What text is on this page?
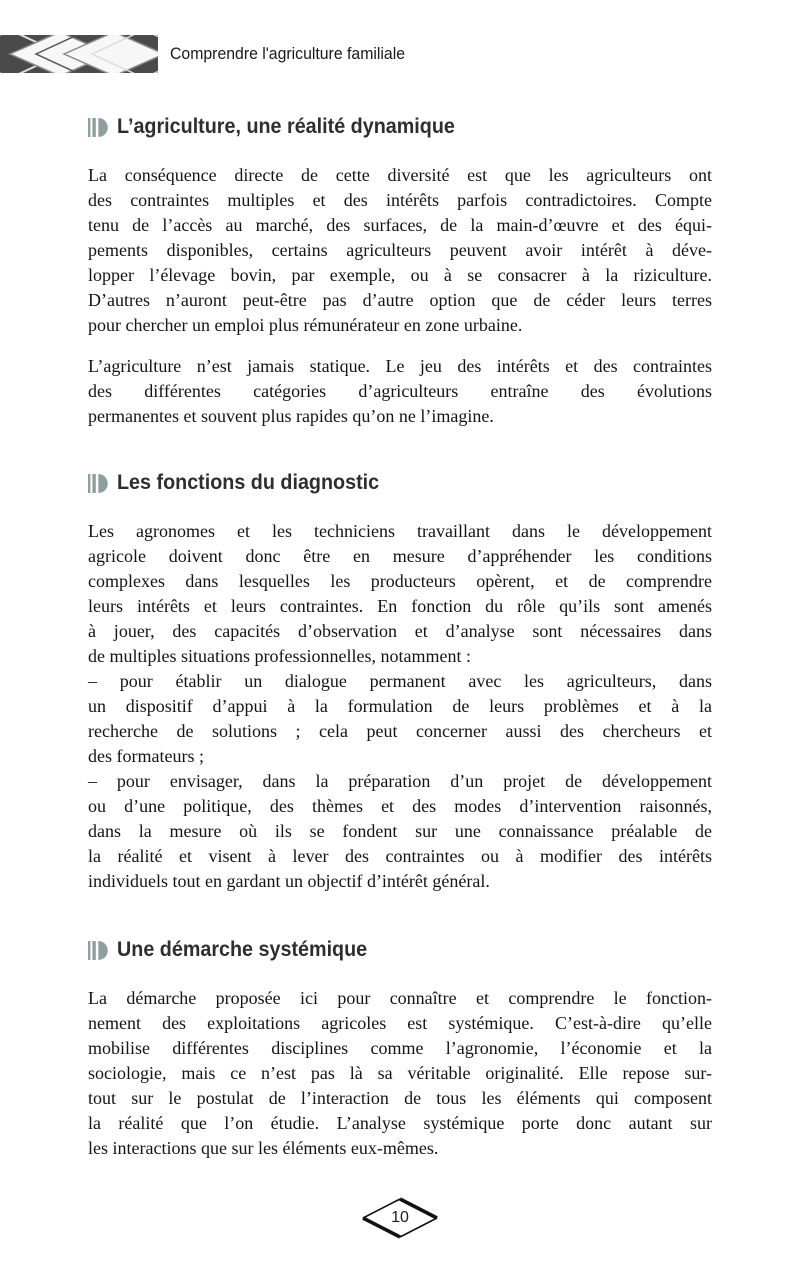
Comprendre l'agriculture familiale
L’agriculture, une réalité dynamique
La conséquence directe de cette diversité est que les agriculteurs ont
des contraintes multiples et des intérêts parfois contradictoires. Compte
tenu de l’accès au marché, des surfaces, de la main-d’œuvre et des équi-
pements disponibles, certains agriculteurs peuvent avoir intérêt à déve-
lopper l’élevage bovin, par exemple, ou à se consacrer à la riziculture.
D’autres n’auront peut-être pas d’autre option que de céder leurs terres
pour chercher un emploi plus rémunérateur en zone urbaine.
L’agriculture n’est jamais statique. Le jeu des intérêts et des contraintes
des différentes catégories d’agriculteurs entraîne des évolutions
permanentes et souvent plus rapides qu’on ne l’imagine.
Les fonctions du diagnostic
Les agronomes et les techniciens travaillant dans le développement
agricole doivent donc être en mesure d’appréhender les conditions
complexes dans lesquelles les producteurs opèrent, et de comprendre
leurs intérêts et leurs contraintes. En fonction du rôle qu’ils sont amenés
à jouer, des capacités d’observation et d’analyse sont nécessaires dans
de multiples situations professionnelles, notamment :
– pour établir un dialogue permanent avec les agriculteurs, dans
un dispositif d’appui à la formulation de leurs problèmes et à la
recherche de solutions ; cela peut concerner aussi des chercheurs et
des formateurs ;
– pour envisager, dans la préparation d’un projet de développement
ou d’une politique, des thèmes et des modes d’intervention raisonnés,
dans la mesure où ils se fondent sur une connaissance préalable de
la réalité et visent à lever des contraintes ou à modifier des intérêts
individuels tout en gardant un objectif d’intérêt général.
Une démarche systémique
La démarche proposée ici pour connaître et comprendre le fonction-
nement des exploitations agricoles est systémique. C’est-à-dire qu’elle
mobilise différentes disciplines comme l’agronomie, l’économie et la
sociologie, mais ce n’est pas là sa véritable originalité. Elle repose sur-
tout sur le postulat de l’interaction de tous les éléments qui composent
la réalité que l’on étudie. L’analyse systémique porte donc autant sur
les interactions que sur les éléments eux-mêmes.
10
